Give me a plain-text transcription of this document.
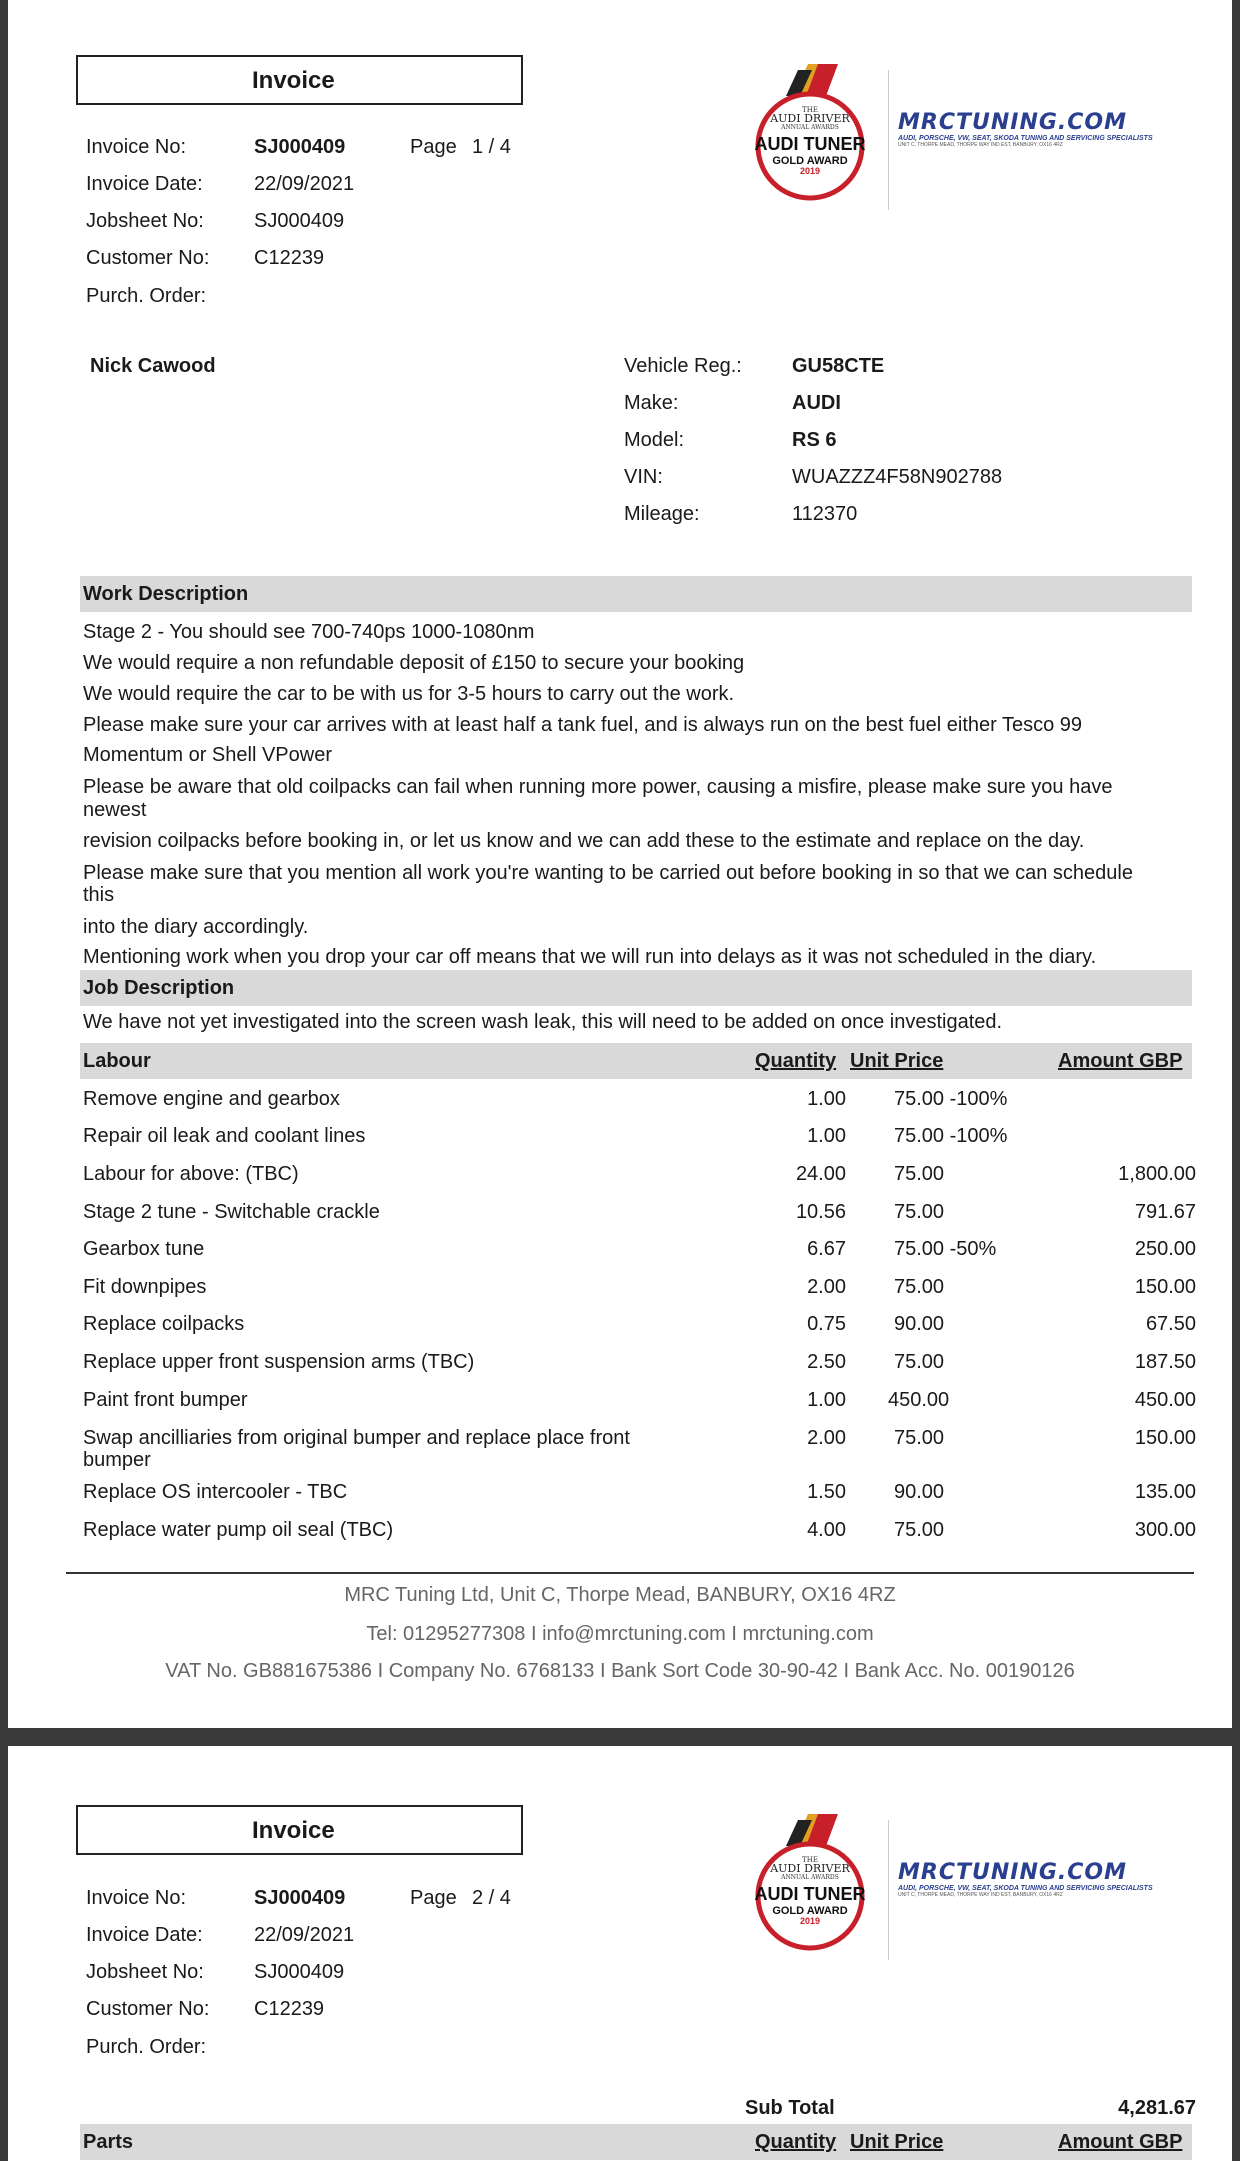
Invoice
Invoice No:	SJ000409	Page 1 / 4
Invoice Date:	22/09/2021
Jobsheet No:	SJ000409
Customer No: C12239
Purch. Order:
THE
AUDI DRIVER
ANNUAL AWARDS
AUDI TUNER
GOLD AWARD
2019
MRCTUNING.COM
AUDI, PORSCHE, VW, SEAT, SKODA TUNING AND SERVICING SPECIALISTS
UNIT C, THORPE MEAD, THORPE WAY IND EST, BANBURY, OX16 4RZ
Nick Cawood	Vehicle Reg.:	GU58CTE
Make:	AUDI
Model:	RS 6
VIN:	WUAZZZ4F58N902788
Mileage:	112370
Work Description
Stage 2 - You should see 700-740ps 1000-1080nm
We would require a non refundable deposit of £150 to secure your booking
We would require the car to be with us for 3-5 hours to carry out the work.
Please make sure your car arrives with at least half a tank fuel, and is always run on the best fuel either Tesco 99
Momentum or Shell VPower
Please be aware that old coilpacks can fail when running more power, causing a misfire, please make sure you have
newest
revision coilpacks before booking in, or let us know and we can add these to the estimate and replace on the day.
Please make sure that you mention all work you're wanting to be carried out before booking in so that we can schedule
this
into the diary accordingly.
Mentioning work when you drop your car off means that we will run into delays as it was not scheduled in the diary.
Job Description
We have not yet investigated into the screen wash leak, this will need to be added on once investigated.
Labour	Quantity Unit Price	Amount GBP
Remove engine and gearbox	1.00 75.00 -100%
Repair oil leak and coolant lines	1.00 75.00 -100%
Labour for above: (TBC)	24.00 75.00	1,800.00
Stage 2 tune - Switchable crackle	10.56 75.00	791.67
Gearbox tune	6.67 75.00 -50%	250.00
Fit downpipes	2.00 75.00	150.00
Replace coilpacks	0.75 90.00	67.50
Replace upper front suspension arms (TBC)	2.50 75.00	187.50
Paint front bumper	1.00 450.00	450.00
Swap ancilliaries from original bumper and replace place front
bumper
2.00 75.00	150.00
Replace OS intercooler - TBC	1.50 90.00	135.00
Replace water pump oil seal (TBC)	4.00 75.00	300.00
MRC Tuning Ltd, Unit C, Thorpe Mead, BANBURY, OX16 4RZ
Tel: 01295277308 I info@mrctuning.com I mrctuning.com
VAT No. GB881675386 I Company No. 6768133 I Bank Sort Code 30-90-42 I Bank Acc. No. 00190126
Invoice
Invoice No:	SJ000409	Page 2 / 4
Invoice Date:	22/09/2021
Jobsheet No:	SJ000409
Customer No: C12239
Purch. Order:
THE
AUDI DRIVER
ANNUAL AWARDS
AUDI TUNER
GOLD AWARD
2019
MRCTUNING.COM
AUDI, PORSCHE, VW, SEAT, SKODA TUNING AND SERVICING SPECIALISTS
UNIT C, THORPE MEAD, THORPE WAY IND EST, BANBURY, OX16 4RZ
Sub Total	4,281.67
Parts	Quantity Unit Price	Amount GBP
